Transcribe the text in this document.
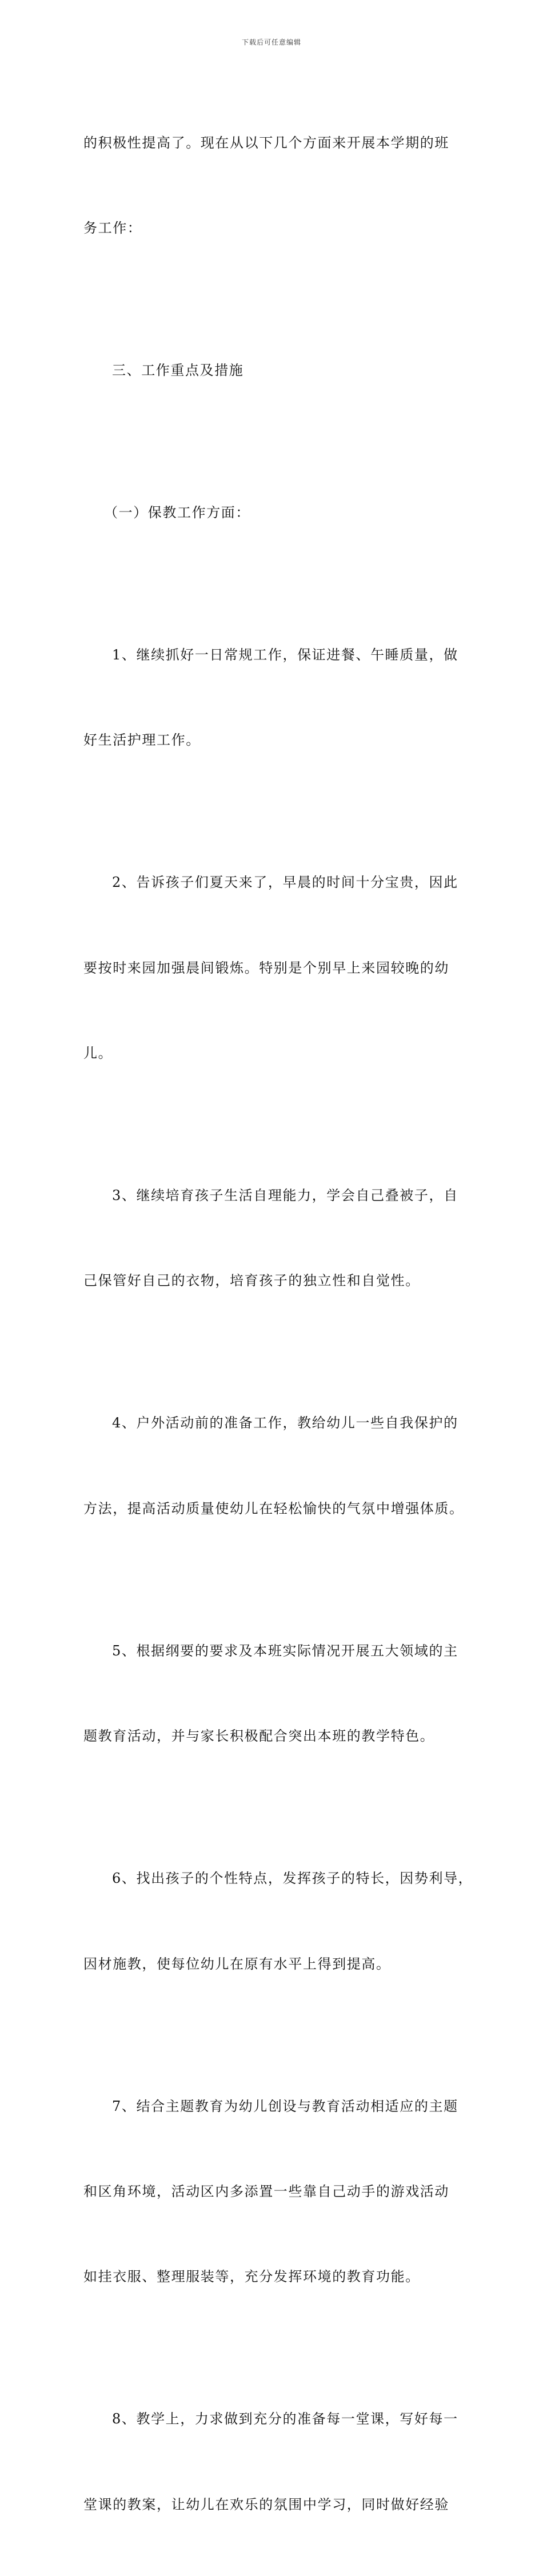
下载后可任意编辑

的积极性提高了。现在从以下几个方面来开展本学期的班

务工作：

三、工作重点及措施

（一）保教工作方面：

1、继续抓好一日常规工作，保证进餐、午睡质量，做

好生活护理工作。

2、告诉孩子们夏天来了，早晨的时间十分宝贵，因此

要按时来园加强晨间锻炼。特别是个别早上来园较晚的幼

儿。

3、继续培育孩子生活自理能力，学会自己叠被子，自

己保管好自己的衣物，培育孩子的独立性和自觉性。

4、户外活动前的准备工作，教给幼儿一些自我保护的

方法，提高活动质量使幼儿在轻松愉快的气氛中增强体质。

5、根据纲要的要求及本班实际情况开展五大领域的主

题教育活动，并与家长积极配合突出本班的教学特色。

6、找出孩子的个性特点，发挥孩子的特长，因势利导，

因材施教，使每位幼儿在原有水平上得到提高。

7、结合主题教育为幼儿创设与教育活动相适应的主题

和区角环境，活动区内多添置一些靠自己动手的游戏活动

如挂衣服、整理服装等，充分发挥环境的教育功能。

8、教学上，力求做到充分的准备每一堂课，写好每一

堂课的教案，让幼儿在欢乐的氛围中学习，同时做好经验
